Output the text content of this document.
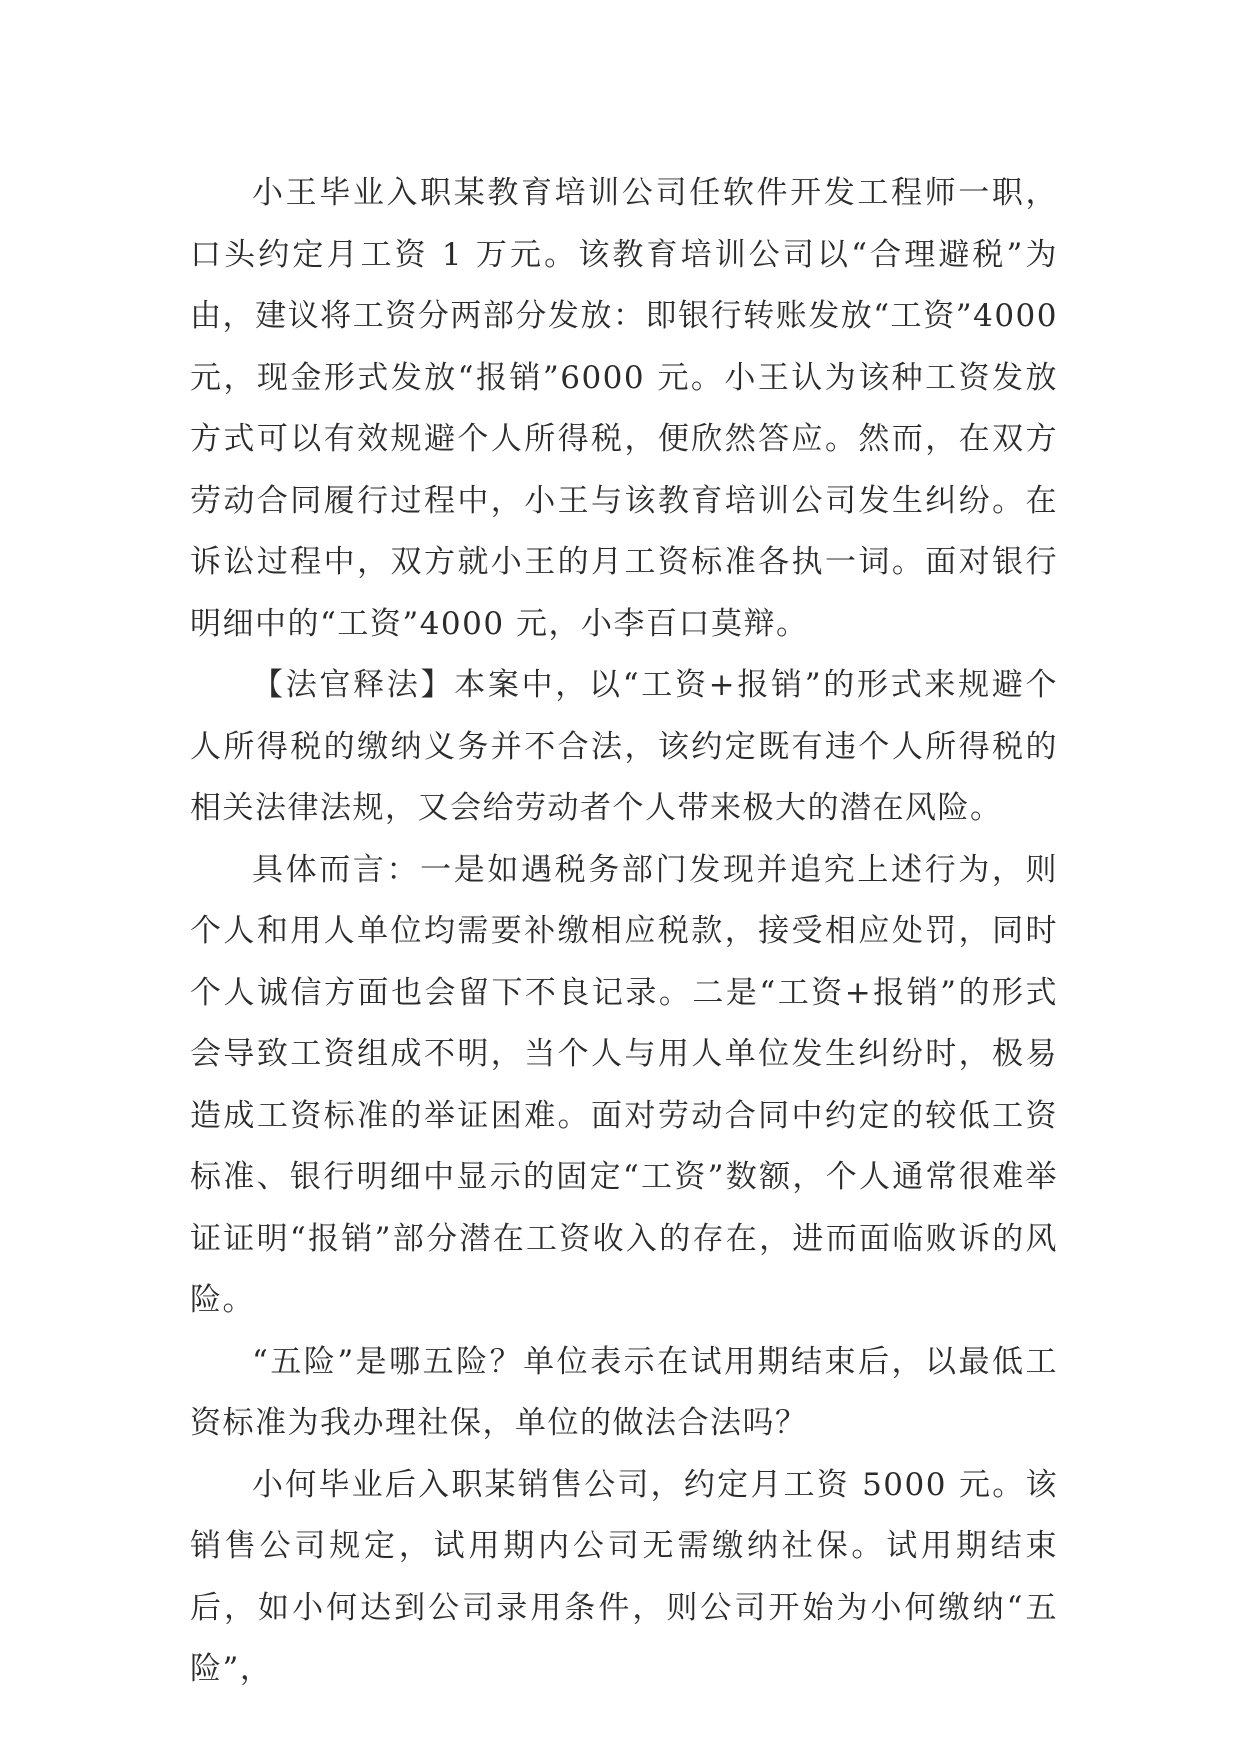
小王毕业入职某教育培训公司任软件开发工程师一职，口头约定月工资 1 万元。该教育培训公司以“合理避税”为由，建议将工资分两部分发放：即银行转账发放“工资”4000 元，现金形式发放“报销”6000 元。小王认为该种工资发放方式可以有效规避个人所得税，便欣然答应。然而，在双方劳动合同履行过程中，小王与该教育培训公司发生纠纷。在诉讼过程中，双方就小王的月工资标准各执一词。面对银行明细中的“工资”4000 元，小李百口莫辩。

【法官释法】本案中，以“工资+报销”的形式来规避个人所得税的缴纳义务并不合法，该约定既有违个人所得税的相关法律法规，又会给劳动者个人带来极大的潜在风险。

具体而言：一是如遇税务部门发现并追究上述行为，则个人和用人单位均需要补缴相应税款，接受相应处罚，同时个人诚信方面也会留下不良记录。二是“工资+报销”的形式会导致工资组成不明，当个人与用人单位发生纠纷时，极易造成工资标准的举证困难。面对劳动合同中约定的较低工资标准、银行明细中显示的固定“工资”数额，个人通常很难举证证明“报销”部分潜在工资收入的存在，进而面临败诉的风险。

“五险”是哪五险？单位表示在试用期结束后，以最低工资标准为我办理社保，单位的做法合法吗？

小何毕业后入职某销售公司，约定月工资 5000 元。该销售公司规定，试用期内公司无需缴纳社保。试用期结束后，如小何达到公司录用条件，则公司开始为小何缴纳“五险”，
